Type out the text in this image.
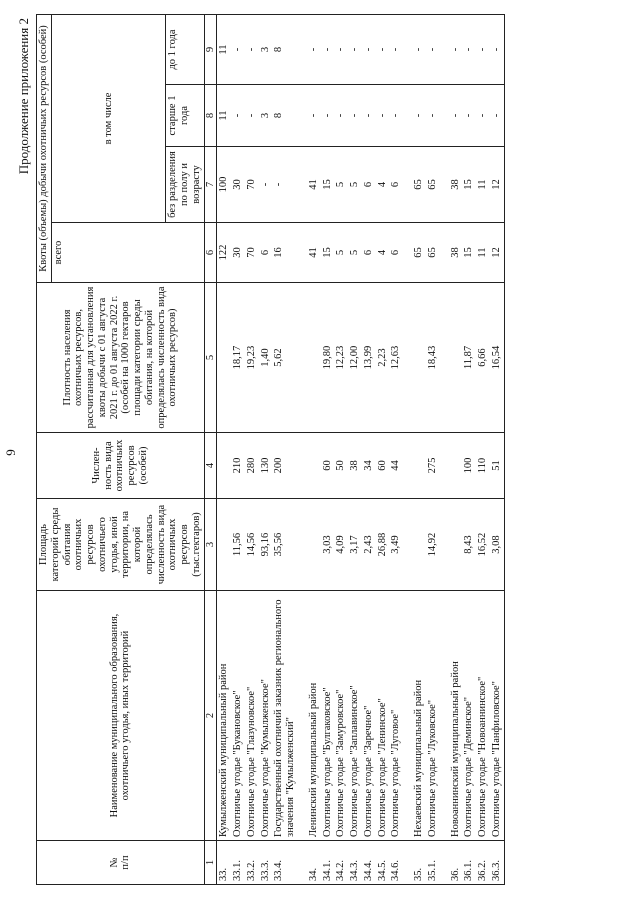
9
Продолжение приложения 2
№
п/п	Наименование муниципального образования, охотничьего угодья, иных территорий	Площадь категорий среды обитания охотничьих ресурсов охотничьего угодья, иной территории, на которой определялась численность вида охотничьих ресурсов (тыс.гектаров)	Числен-ность вида охотничьих ресурсов (особей)	Плотность населения охотничьих ресурсов, рассчитанная для установления квоты добычи с 01 августа 2021 г. до 01 августа 2022 г. (особей на 1000 гектаров площади категории среды обитания, на которой определялась численность вида охотничьих ресурсов)	Квоты (объемы) добычи охотничьих ресурсов (особей)			
					всего	в том числе		
						без разделения по полу и возрасту	старше 1 года	до 1 года
1	2	3	4	5	6	7	8	9
33.	Кумылженский муниципальный район				122	100	11	11
33.1.	Охотничье угодье "Букановское"	11,56	210	18,17	30	30	-	-
33.2.	Охотничье угодье "Глазуновское"	14,56	280	19,23	70	70	-	-
33.3.	Охотничье угодье "Кумылженское"	93,16	130	1,40	6	-	3	3
33.4.	Государственный охотничий заказник регионального значения "Кумылженский"	35,56	200	5,62	16	-	8	8

34.	Ленинский муниципальный район				41	41	-	-
34.1.	Охотничье угодье "Булгаковское"	3,03	60	19,80	15	15	-	-
34.2.	Охотничье угодье "Замуровское"	4,09	50	12,23	5	5	-	-
34.3.	Охотничье угодье "Заплавинское"	3,17	38	12,00	5	5	-	-
34.4.	Охотничье угодье "Заречное"	2,43	34	13,99	6	6	-	-
34.5.	Охотничье угодье "Ленинское"	26,88	60	2,23	4	4	-	-
34.6.	Охотничье угодье "Луговое"	3,49	44	12,63	6	6	-	-

35.	Нехаевский муниципальный район				65	65	-	-
35.1.	Охотничье угодье "Луковское"	14,92	275	18,43	65	65	-	-

36.	Новоаннинский муниципальный район				38	38	-	-
36.1.	Охотничье угодье "Деминское"	8,43	100	11,87	15	15	-	-
36.2.	Охотничье угодье "Новоаннинское"	16,52	110	6,66	11	11	-	-
36.3.	Охотничье угодье "Панфиловское"	3,08	51	16,54	12	12	-	-
